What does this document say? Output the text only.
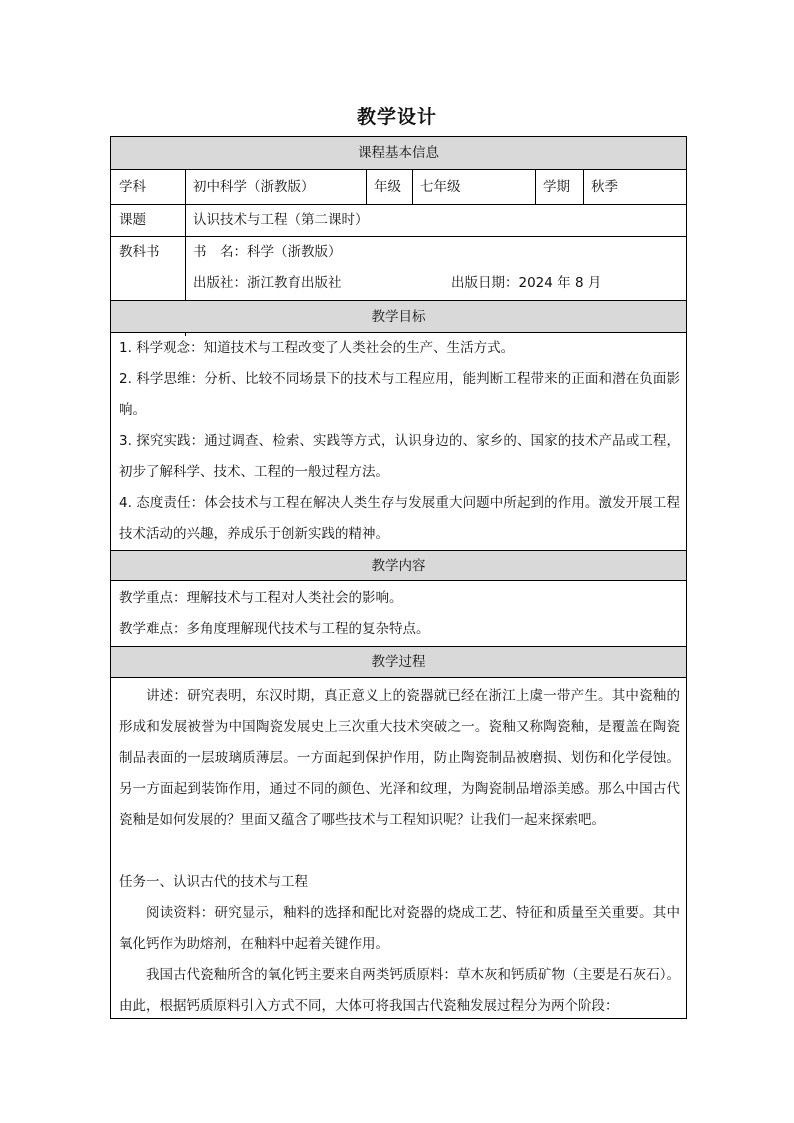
教学设计
课程基本信息
学科	初中科学（浙教版）	年级 七年级	学期 秋季
课题	认识技术与工程（第二课时）
教科书 书　名：科学（浙教版）
出版社：浙江教育出版社	出版日期：2024 年 8 月
教学目标
1. 科学观念：知道技术与工程改变了人类社会的生产、生活方式。
2. 科学思维：分析、比较不同场景下的技术与工程应用，能判断工程带来的正面和潜在负面影响。
3. 探究实践：通过调查、检索、实践等方式，认识身边的、家乡的、国家的技术产品或工程，初步了解科学、技术、工程的一般过程方法。
4. 态度责任：体会技术与工程在解决人类生存与发展重大问题中所起到的作用。激发开展工程技术活动的兴趣，养成乐于创新实践的精神。
教学内容
教学重点：理解技术与工程对人类社会的影响。
教学难点：多角度理解现代技术与工程的复杂特点。
教学过程
讲述：研究表明，东汉时期，真正意义上的瓷器就已经在浙江上虞一带产生。其中瓷釉的形成和发展被誉为中国陶瓷发展史上三次重大技术突破之一。瓷釉又称陶瓷釉，是覆盖在陶瓷制品表面的一层玻璃质薄层。一方面起到保护作用，防止陶瓷制品被磨损、划伤和化学侵蚀。另一方面起到装饰作用，通过不同的颜色、光泽和纹理，为陶瓷制品增添美感。那么中国古代瓷釉是如何发展的？里面又蕴含了哪些技术与工程知识呢？让我们一起来探索吧。
任务一、认识古代的技术与工程
阅读资料：研究显示，釉料的选择和配比对瓷器的烧成工艺、特征和质量至关重要。其中氧化钙作为助熔剂，在釉料中起着关键作用。
我国古代瓷釉所含的氧化钙主要来自两类钙质原料：草木灰和钙质矿物（主要是石灰石）。由此，根据钙质原料引入方式不同，大体可将我国古代瓷釉发展过程分为两个阶段：
